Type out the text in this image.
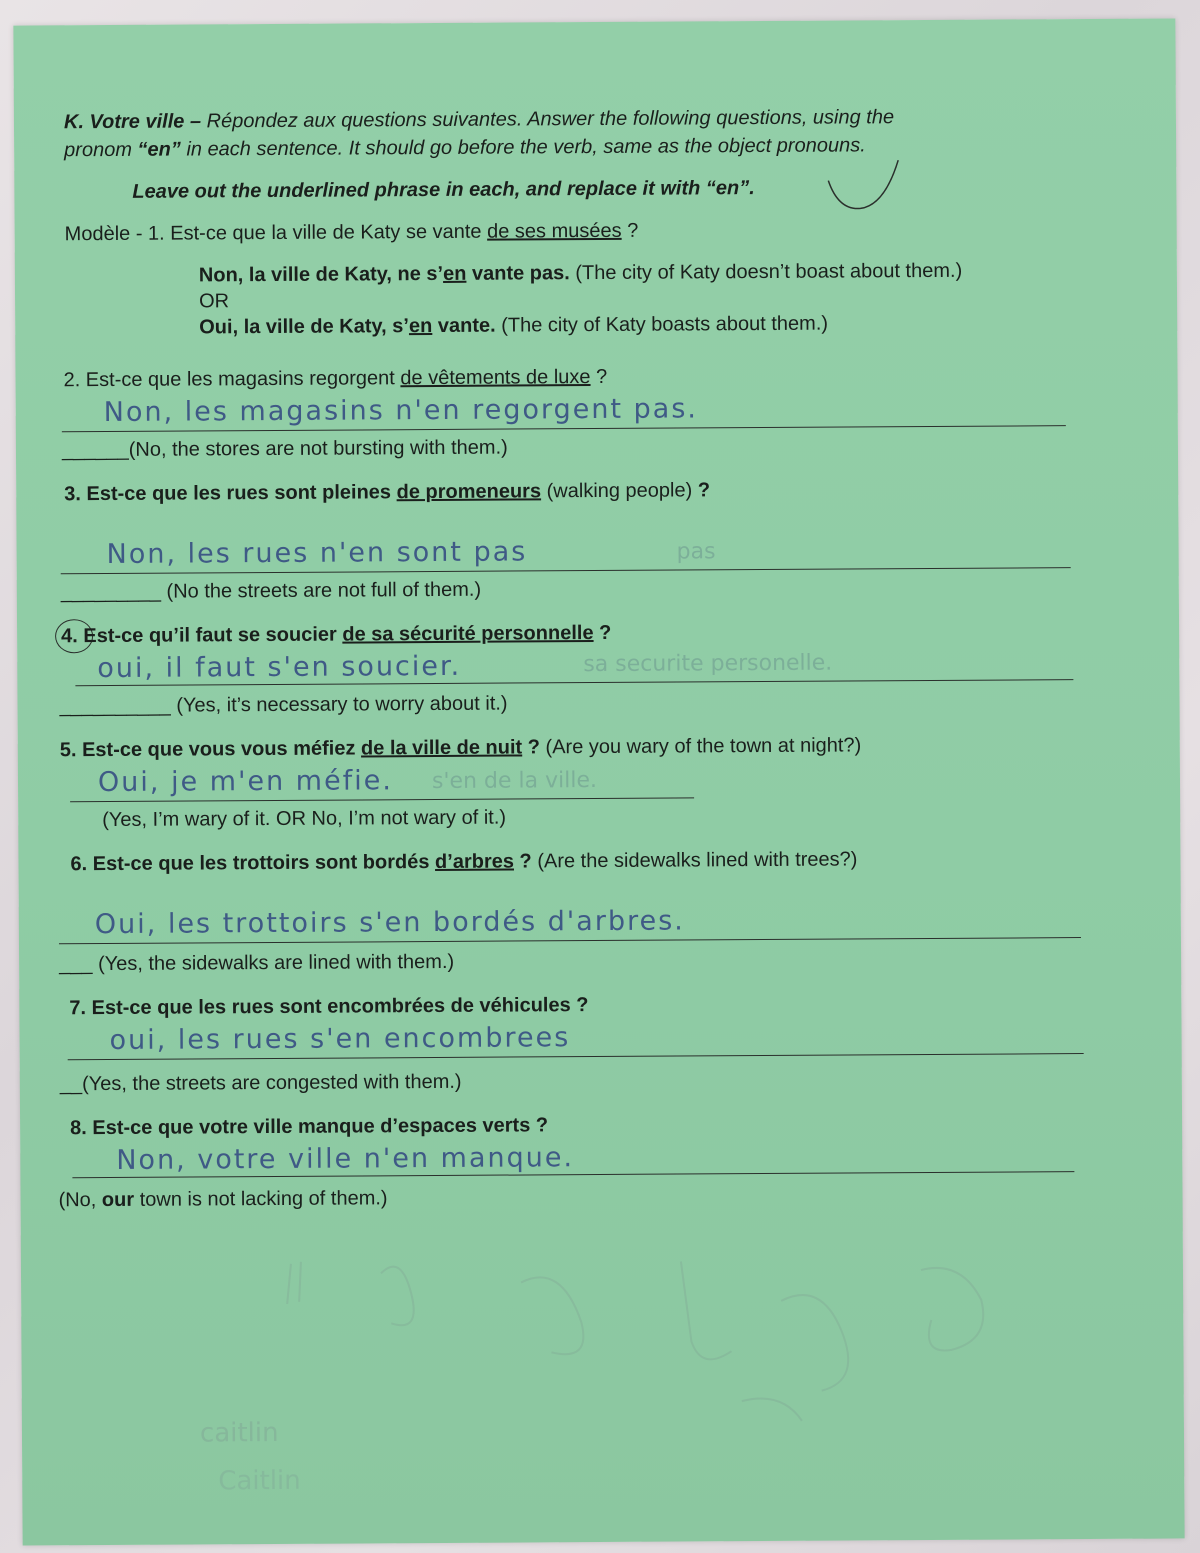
K. Votre ville – Répondez aux questions suivantes. Answer the following questions, using the
pronom “en” in each sentence. It should go before the verb, same as the object pronouns.
Leave out the underlined phrase in each, and replace it with “en”.
Modèle - 1. Est-ce que la ville de Katy se vante de ses musées ?
Non, la ville de Katy, ne s’en vante pas. (The city of Katy doesn’t boast about them.)
OR
Oui, la ville de Katy, s’en vante. (The city of Katy boasts about them.)
2. Est-ce que les magasins regorgent de vêtements de luxe ?
Non, les magasins n'en regorgent pas.
______(No, the stores are not bursting with them.)
3. Est-ce que les rues sont pleines de promeneurs (walking people) ?
Non, les rues n'en sont pas	pas
_________ (No the streets are not full of them.)
4. Est-ce qu’il faut se soucier de sa sécurité personnelle ?
oui, il faut s'en soucier.	sa securite personelle.
__________ (Yes, it’s necessary to worry about it.)
5. Est-ce que vous vous méfiez de la ville de nuit ? (Are you wary of the town at night?)
Oui, je m'en méfie. s'en de la ville.
(Yes, I’m wary of it. OR No, I’m not wary of it.)
6. Est-ce que les trottoirs sont bordés d’arbres ? (Are the sidewalks lined with trees?)
Oui, les trottoirs s'en bordés d'arbres.
___ (Yes, the sidewalks are lined with them.)
7. Est-ce que les rues sont encombrées de véhicules ?
oui, les rues s'en encombrees
__(Yes, the streets are congested with them.)
8. Est-ce que votre ville manque d’espaces verts ?
Non, votre ville n'en manque.
(No, our town is not lacking of them.)
caitlin
Caitlin
